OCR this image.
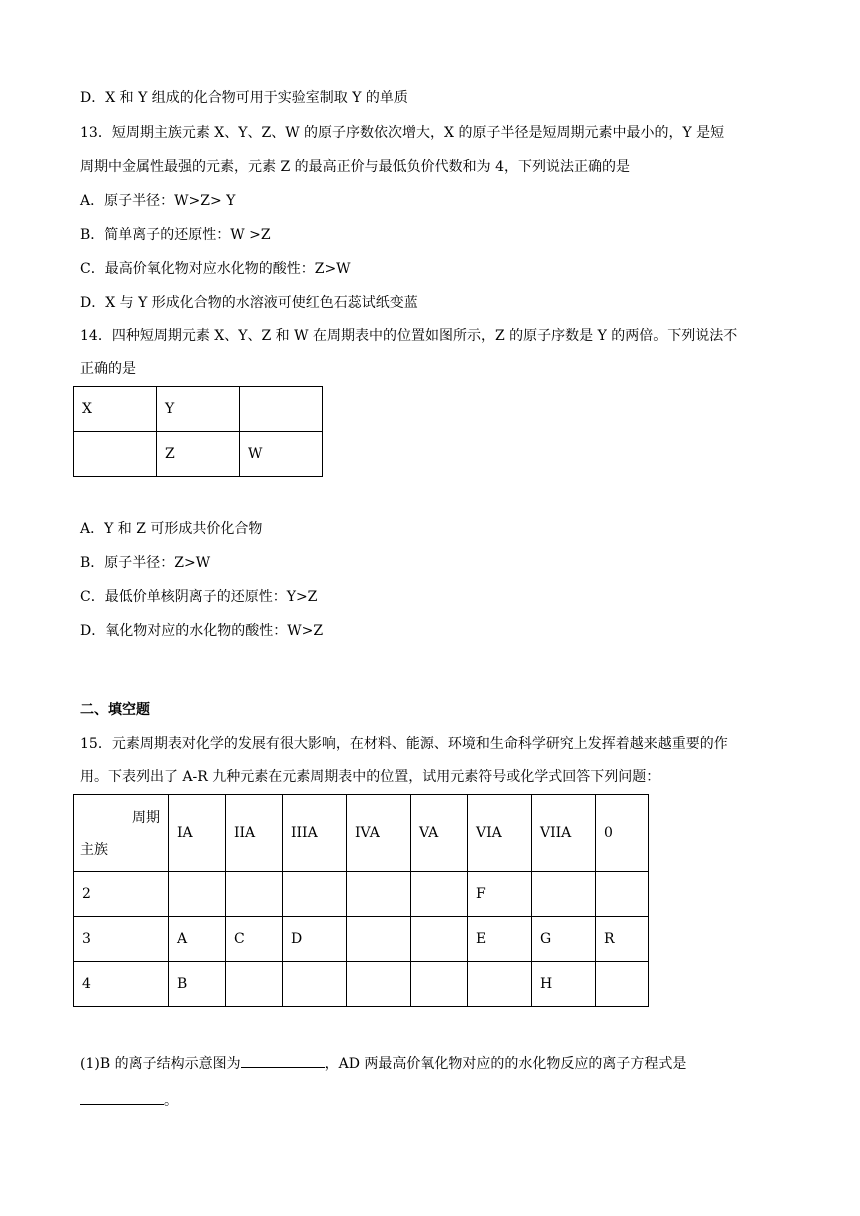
D．X 和 Y 组成的化合物可用于实验室制取 Y 的单质
13．短周期主族元素 X、Y、Z、W 的原子序数依次增大，X 的原子半径是短周期元素中最小的，Y 是短
周期中金属性最强的元素，元素 Z 的最高正价与最低负价代数和为 4，下列说法正确的是
A．原子半径：W>Z> Y
B．简单离子的还原性：W >Z
C．最高价氧化物对应水化物的酸性：Z>W
D．X 与 Y 形成化合物的水溶液可使红色石蕊试纸变蓝
14．四种短周期元素 X、Y、Z 和 W 在周期表中的位置如图所示，Z 的原子序数是 Y 的两倍。下列说法不
正确的是
X	Y	
	Z	W
A．Y 和 Z 可形成共价化合物
B．原子半径：Z>W
C．最低价单核阴离子的还原性：Y>Z
D．氧化物对应的水化物的酸性：W>Z
二、填空题
15．元素周期表对化学的发展有很大影响，在材料、能源、环境和生命科学研究上发挥着越来越重要的作
用。下表列出了 A-R 九种元素在元素周期表中的位置，试用元素符号或化学式回答下列问题：
周期
主族	IA	IIA	IIIA	IVA	VA	VIA	VIIA	0
2						F		
3	A	C	D			E	G	R
4	B						H	
(1)B 的离子结构示意图为	，AD 两最高价氧化物对应的的水化物反应的离子方程式是
。
